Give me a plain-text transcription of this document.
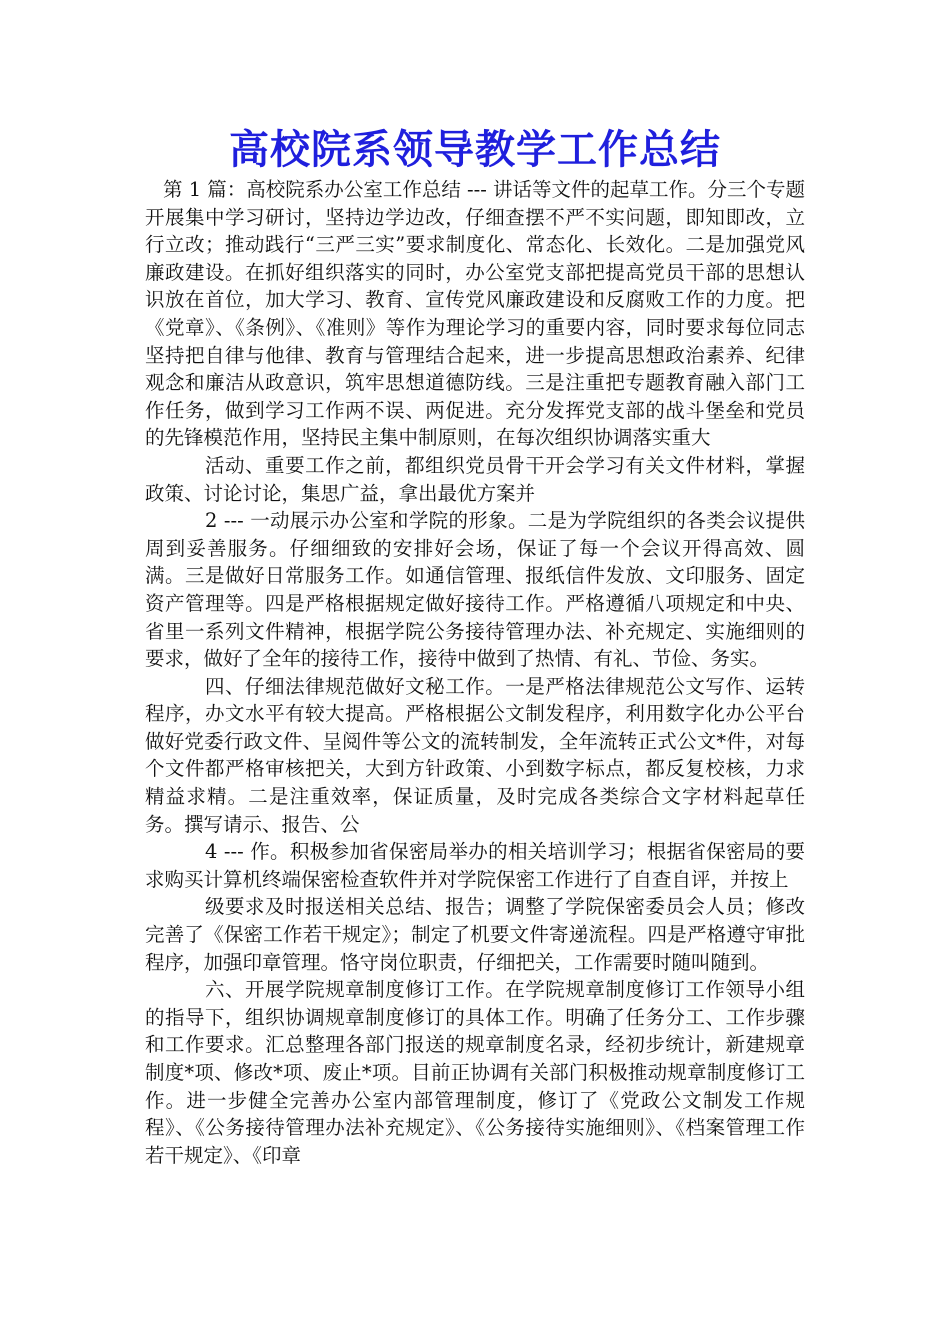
高校院系领导教学工作总结

第 1 篇：高校院系办公室工作总结 --- 讲话等文件的起草工作。分三个专题开展集中学习研讨，坚持边学边改，仔细查摆不严不实问题，即知即改，立行立改；推动践行“三严三实”要求制度化、常态化、长效化。二是加强党风廉政建设。在抓好组织落实的同时，办公室党支部把提高党员干部的思想认识放在首位，加大学习、教育、宣传党风廉政建设和反腐败工作的力度。把《党章》、《条例》、《准则》等作为理论学习的重要内容，同时要求每位同志坚持把自律与他律、教育与管理结合起来，进一步提高思想政治素养、纪律观念和廉洁从政意识，筑牢思想道德防线。三是注重把专题教育融入部门工作任务，做到学习工作两不误、两促进。充分发挥党支部的战斗堡垒和党员的先锋模范作用，坚持民主集中制原则，在每次组织协调落实重大

活动、重要工作之前，都组织党员骨干开会学习有关文件材料，掌握政策、讨论讨论，集思广益，拿出最优方案并

2 --- 一动展示办公室和学院的形象。二是为学院组织的各类会议提供周到妥善服务。仔细细致的安排好会场，保证了每一个会议开得高效、圆满。三是做好日常服务工作。如通信管理、报纸信件发放、文印服务、固定资产管理等。四是严格根据规定做好接待工作。严格遵循八项规定和中央、省里一系列文件精神，根据学院公务接待管理办法、补充规定、实施细则的要求，做好了全年的接待工作，接待中做到了热情、有礼、节俭、务实。

四、仔细法律规范做好文秘工作。一是严格法律规范公文写作、运转程序，办文水平有较大提高。严格根据公文制发程序，利用数字化办公平台做好党委行政文件、呈阅件等公文的流转制发，全年流转正式公文*件，对每个文件都严格审核把关，大到方针政策、小到数字标点，都反复校核，力求精益求精。二是注重效率，保证质量，及时完成各类综合文字材料起草任务。撰写请示、报告、公

4 --- 作。积极参加省保密局举办的相关培训学习；根据省保密局的要求购买计算机终端保密检查软件并对学院保密工作进行了自查自评，并按上

级要求及时报送相关总结、报告；调整了学院保密委员会人员；修改完善了《保密工作若干规定》；制定了机要文件寄递流程。四是严格遵守审批程序，加强印章管理。恪守岗位职责，仔细把关，工作需要时随叫随到。

六、开展学院规章制度修订工作。在学院规章制度修订工作领导小组的指导下，组织协调规章制度修订的具体工作。明确了任务分工、工作步骤和工作要求。汇总整理各部门报送的规章制度名录，经初步统计，新建规章制度*项、修改*项、废止*项。目前正协调有关部门积极推动规章制度修订工作。进一步健全完善办公室内部管理制度，修订了《党政公文制发工作规程》、《公务接待管理办法补充规定》、《公务接待实施细则》、《档案管理工作若干规定》、《印章
